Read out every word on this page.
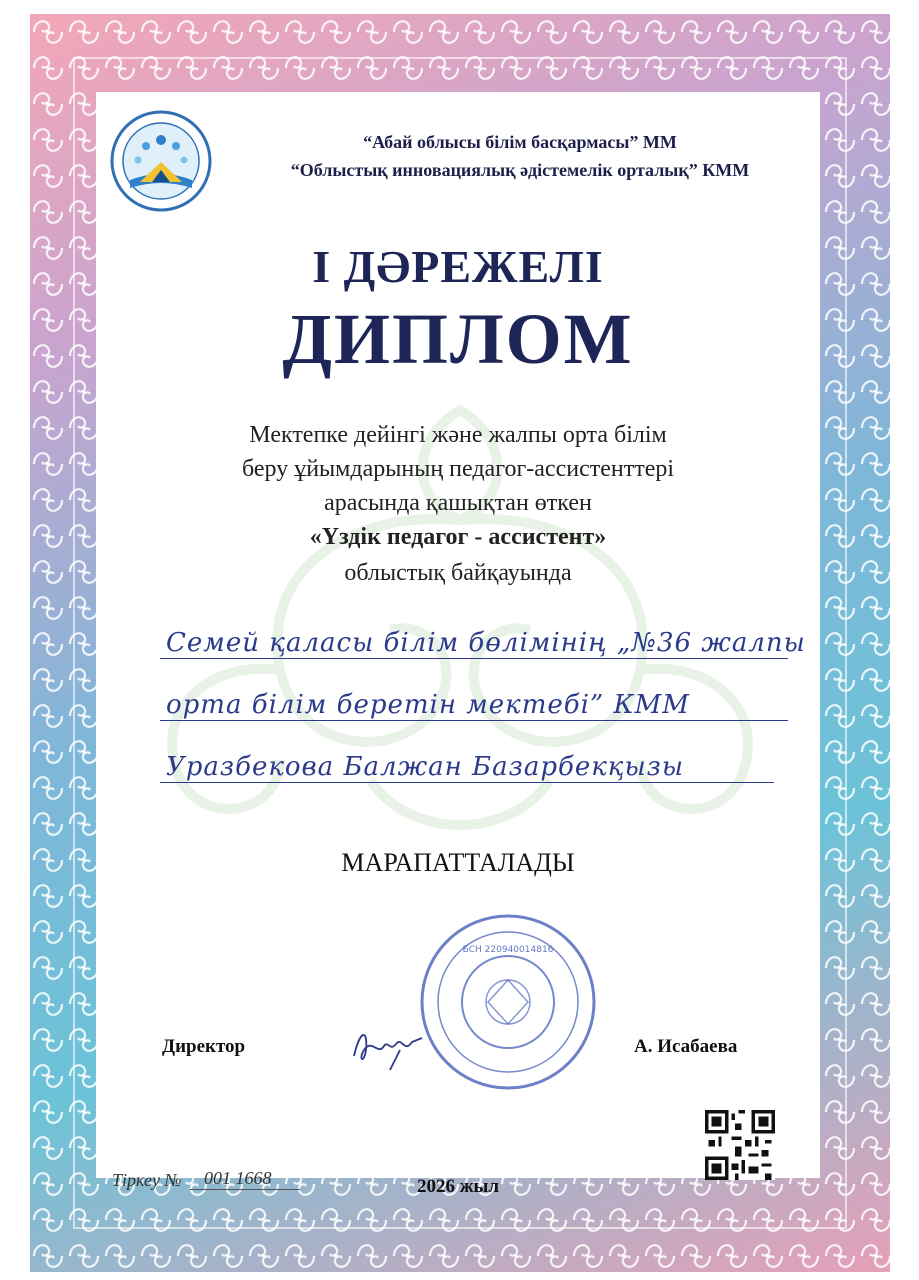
“Абай облысы білім басқармасы” ММ
“Облыстық инновациялық әдістемелік орталық” КММ
І ДӘРЕЖЕЛІ
ДИПЛОМ
Мектепке дейінгі және жалпы орта білім
беру ұйымдарының педагог-ассистенттері
арасында қашықтан өткен
«Үздік педагог - ассистент»
облыстық байқауында
Семей қаласы білім бөлімінің „№36 жалпы
орта білім беретін мектебі” КММ
Уразбекова Балжан Базарбекқызы
МАРАПАТТАЛАДЫ
БСН 220940014816
Директор	А. Исабаева
Тіркеу №	001 1668	2026 жыл
